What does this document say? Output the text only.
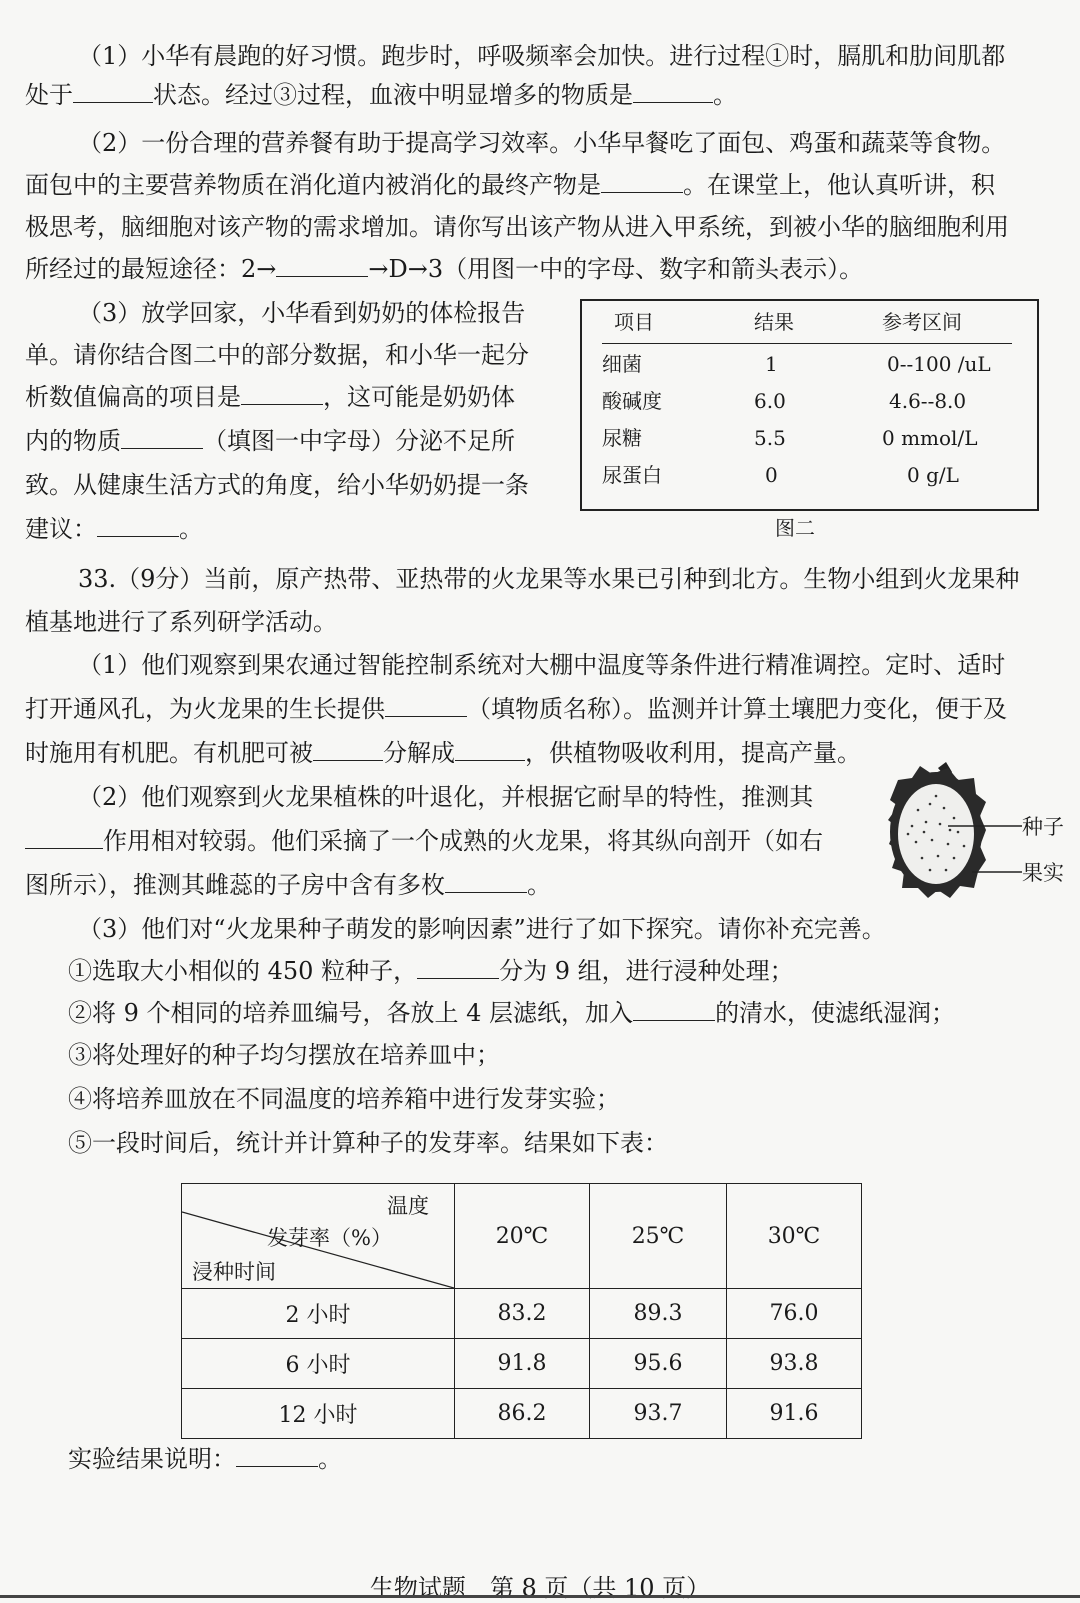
（1）小华有晨跑的好习惯。跑步时，呼吸频率会加快。进行过程①时，膈肌和肋间肌都
处于	状态。经过③过程，血液中明显增多的物质是	。
（2）一份合理的营养餐有助于提高学习效率。小华早餐吃了面包、鸡蛋和蔬菜等食物。
面包中的主要营养物质在消化道内被消化的最终产物是	。在课堂上，他认真听讲，积
极思考，脑细胞对该产物的需求增加。请你写出该产物从进入甲系统，到被小华的脑细胞利用
所经过的最短途径：2→	→D→3（用图一中的字母、数字和箭头表示）。
（3）放学回家，小华看到奶奶的体检报告
单。请你结合图二中的部分数据，和小华一起分
析数值偏高的项目是	，这可能是奶奶体
内的物质	（填图一中字母）分泌不足所
致。从健康生活方式的角度，给小华奶奶提一条
建议：	。
项目	结果	参考区间
细菌	1	0--100 /uL
酸碱度	6.0	4.6--8.0
尿糖	5.5	0 mmol/L
尿蛋白	0	0 g/L
图二
33.（9分）当前，原产热带、亚热带的火龙果等水果已引种到北方。生物小组到火龙果种
植基地进行了系列研学活动。
（1）他们观察到果农通过智能控制系统对大棚中温度等条件进行精准调控。定时、适时
打开通风孔，为火龙果的生长提供	（填物质名称）。监测并计算土壤肥力变化，便于及
时施用有机肥。有机肥可被	分解成	，供植物吸收利用，提高产量。
（2）他们观察到火龙果植株的叶退化，并根据它耐旱的特性，推测其
作用相对较弱。他们采摘了一个成熟的火龙果，将其纵向剖开（如右
图所示），推测其雌蕊的子房中含有多枚	。
种子
果实
（3）他们对“火龙果种子萌发的影响因素”进行了如下探究。请你补充完善。
①选取大小相似的 450 粒种子，	分为 9 组，进行浸种处理；
②将 9 个相同的培养皿编号，各放上 4 层滤纸，加入	的清水，使滤纸湿润；
③将处理好的种子均匀摆放在培养皿中；
④将培养皿放在不同温度的培养箱中进行发芽实验；
⑤一段时间后，统计并计算种子的发芽率。结果如下表：
温度
发芽率（%）
浸种时间	20℃	25℃	30℃
2 小时	83.2	89.3	76.0
6 小时	91.8	95.6	93.8
12 小时	86.2	93.7	91.6
实验结果说明：	。
生物试题　第 8 页（共 10 页）
